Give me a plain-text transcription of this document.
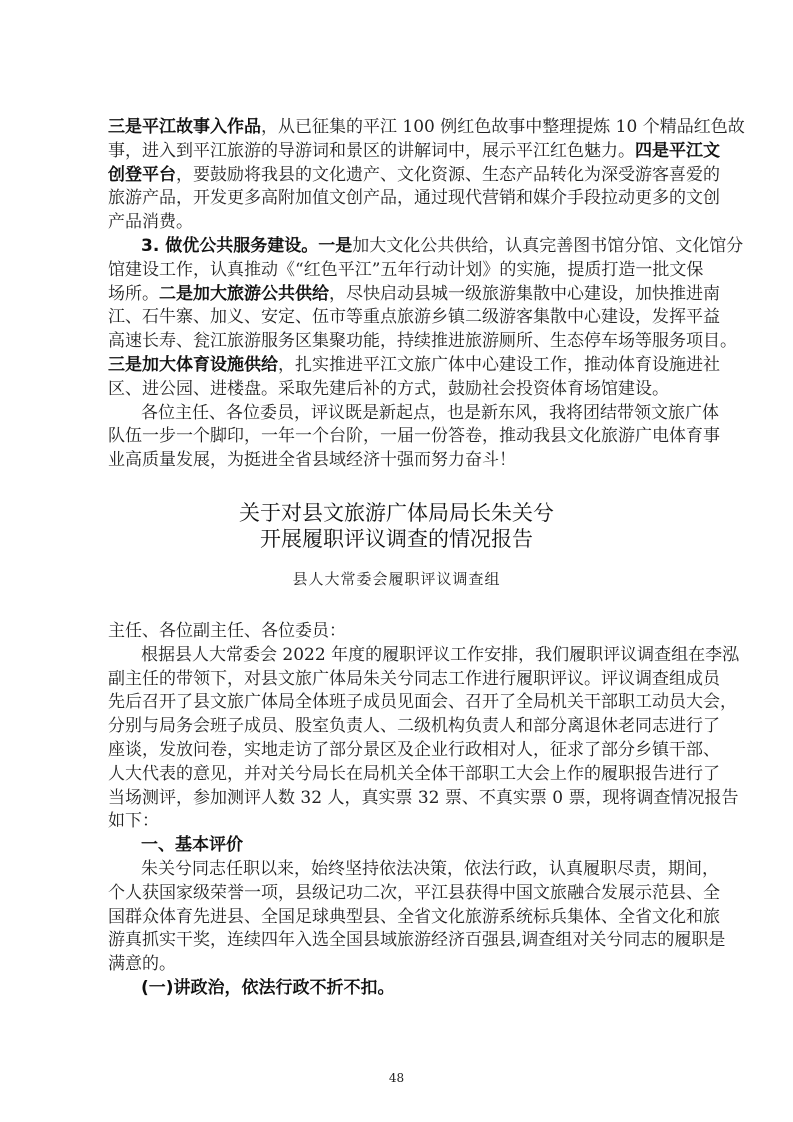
三是平江故事入作品，从已征集的平江 100 例红色故事中整理提炼 10 个精品红色故
事，进入到平江旅游的导游词和景区的讲解词中，展示平江红色魅力。四是平江文
创登平台，要鼓励将我县的文化遗产、文化资源、生态产品转化为深受游客喜爱的
旅游产品，开发更多高附加值文创产品，通过现代营销和媒介手段拉动更多的文创
产品消费。
3. 做优公共服务建设。一是加大文化公共供给，认真完善图书馆分馆、文化馆分
馆建设工作，认真推动《“红色平江”五年行动计划》的实施，提质打造一批文保
场所。二是加大旅游公共供给，尽快启动县城一级旅游集散中心建设，加快推进南
江、石牛寨、加义、安定、伍市等重点旅游乡镇二级游客集散中心建设，发挥平益
高速长寿、瓮江旅游服务区集聚功能，持续推进旅游厕所、生态停车场等服务项目。
三是加大体育设施供给，扎实推进平江文旅广体中心建设工作，推动体育设施进社
区、进公园、进楼盘。采取先建后补的方式，鼓励社会投资体育场馆建设。
各位主任、各位委员，评议既是新起点，也是新东风，我将团结带领文旅广体
队伍一步一个脚印，一年一个台阶，一届一份答卷，推动我县文化旅游广电体育事
业高质量发展，为挺进全省县域经济十强而努力奋斗！
关于对县文旅游广体局局长朱关兮
开展履职评议调查的情况报告
县人大常委会履职评议调查组
主任、各位副主任、各位委员：
根据县人大常委会 2022 年度的履职评议工作安排，我们履职评议调查组在李泓
副主任的带领下，对县文旅广体局朱关兮同志工作进行履职评议。评议调查组成员
先后召开了县文旅广体局全体班子成员见面会、召开了全局机关干部职工动员大会，
分别与局务会班子成员、股室负责人、二级机构负责人和部分离退休老同志进行了
座谈，发放问卷，实地走访了部分景区及企业行政相对人，征求了部分乡镇干部、
人大代表的意见，并对关兮局长在局机关全体干部职工大会上作的履职报告进行了
当场测评，参加测评人数 32 人，真实票 32 票、不真实票 0 票，现将调查情况报告
如下：
一、基本评价
朱关兮同志任职以来，始终坚持依法决策，依法行政，认真履职尽责，期间，
个人获国家级荣誉一项，县级记功二次，平江县获得中国文旅融合发展示范县、全
国群众体育先进县、全国足球典型县、全省文化旅游系统标兵集体、全省文化和旅
游真抓实干奖，连续四年入选全国县域旅游经济百强县,调查组对关兮同志的履职是
满意的。
(一)讲政治，依法行政不折不扣。
48
